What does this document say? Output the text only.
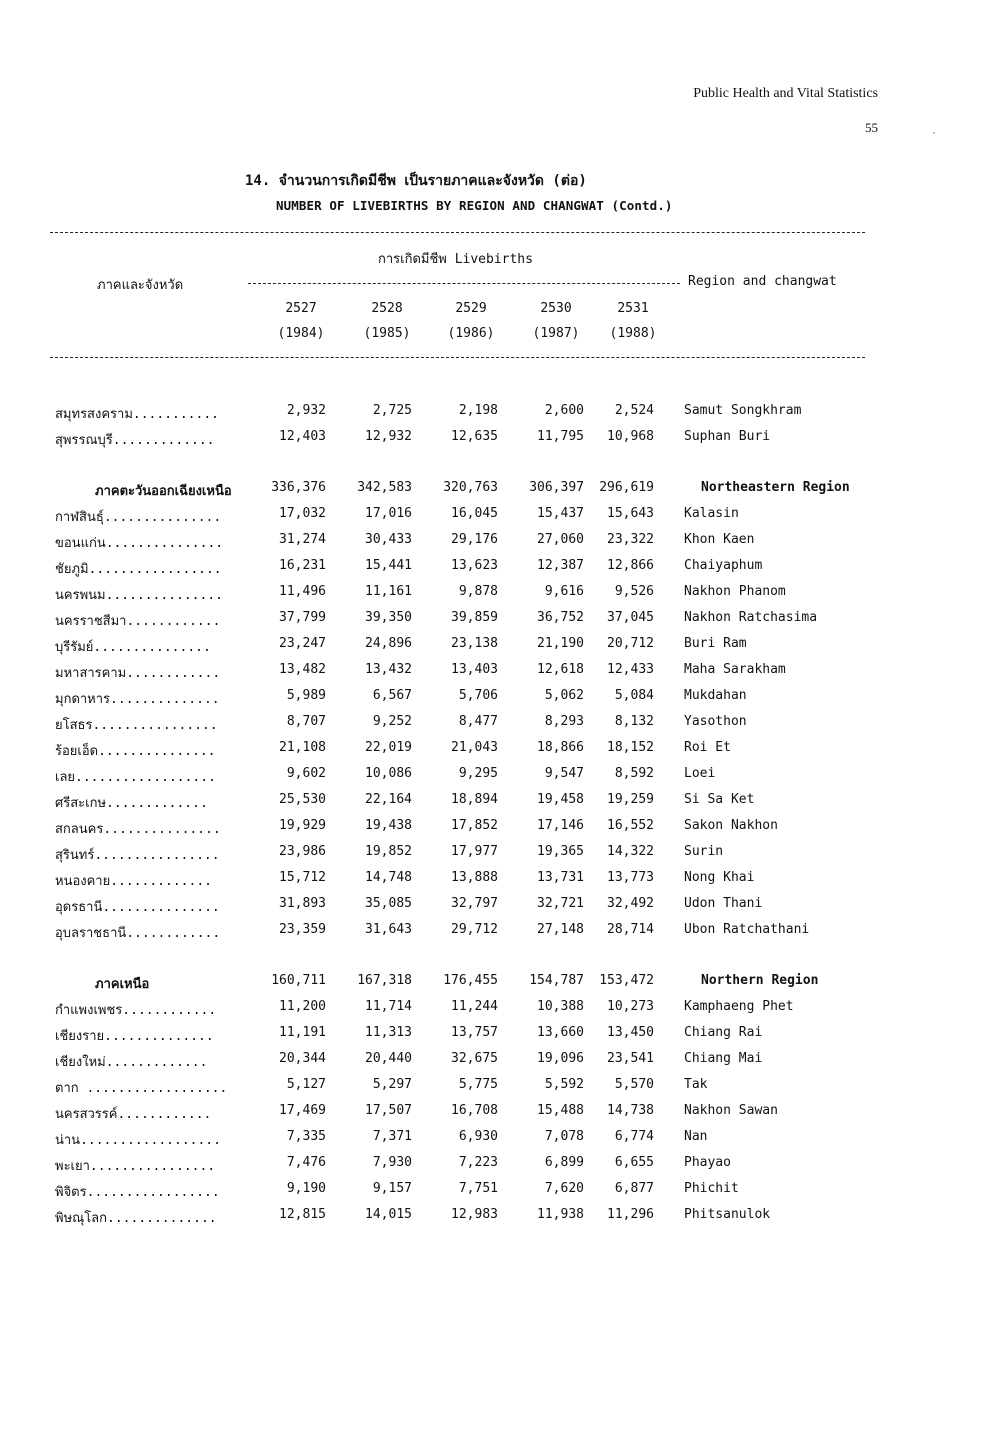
Public Health and Vital Statistics
55	·
14. จำนวนการเกิดมีชีพ เป็นรายภาคและจังหวัด (ต่อ)
NUMBER OF LIVEBIRTHS BY REGION AND CHANGWAT (Contd.)
การเกิดมีชีพ Livebirths
ภาคและจังหวัด	Region and changwat
2527	2528	2529	2530	2531
(1984)	(1985)	(1986)	(1987)	(1988)
สมุทรสงคราม...........	2,932	2,725	2,198	2,600	2,524 Samut Songkhram
สุพรรณบุรี.............	12,403	12,932	12,635	11,795	10,968 Suphan Buri
ภาคตะวันออกเฉียงเหนือ	336,376	342,583	320,763	306,397	296,619	Northeastern Region
กาฬสินธุ์...............	17,032	17,016	16,045	15,437	15,643 Kalasin
ขอนแก่น...............	31,274	30,433	29,176	27,060	23,322 Khon Kaen
ชัยภูมิ.................	16,231	15,441	13,623	12,387	12,866 Chaiyaphum
นครพนม...............	11,496	11,161	9,878	9,616	9,526 Nakhon Phanom
นครราชสีมา............	37,799	39,350	39,859	36,752	37,045 Nakhon Ratchasima
บุรีรัมย์...............	23,247	24,896	23,138	21,190	20,712 Buri Ram
มหาสารคาม............	13,482	13,432	13,403	12,618	12,433 Maha Sarakham
มุกดาหาร..............	5,989	6,567	5,706	5,062	5,084 Mukdahan
ยโสธร................	8,707	9,252	8,477	8,293	8,132 Yasothon
ร้อยเอ็ด...............	21,108	22,019	21,043	18,866	18,152 Roi Et
เลย..................	9,602	10,086	9,295	9,547	8,592 Loei
ศรีสะเกษ.............	25,530	22,164	18,894	19,458	19,259 Si Sa Ket
สกลนคร...............	19,929	19,438	17,852	17,146	16,552 Sakon Nakhon
สุรินทร์................	23,986	19,852	17,977	19,365	14,322 Surin
หนองคาย.............	15,712	14,748	13,888	13,731	13,773 Nong Khai
อุดรธานี...............	31,893	35,085	32,797	32,721	32,492 Udon Thani
อุบลราชธานี............	23,359	31,643	29,712	27,148	28,714 Ubon Ratchathani
ภาคเหนือ	160,711	167,318	176,455	154,787	153,472	Northern Region
กำแพงเพชร............	11,200	11,714	11,244	10,388	10,273 Kamphaeng Phet
เชียงราย..............	11,191	11,313	13,757	13,660	13,450 Chiang Rai
เชียงใหม่.............	20,344	20,440	32,675	19,096	23,541 Chiang Mai
ตาก ..................	5,127	5,297	5,775	5,592	5,570 Tak
นครสวรรค์............	17,469	17,507	16,708	15,488	14,738 Nakhon Sawan
น่าน..................	7,335	7,371	6,930	7,078	6,774 Nan
พะเยา................	7,476	7,930	7,223	6,899	6,655 Phayao
พิจิตร.................	9,190	9,157	7,751	7,620	6,877 Phichit
พิษณุโลก..............	12,815	14,015	12,983	11,938	11,296 Phitsanulok
